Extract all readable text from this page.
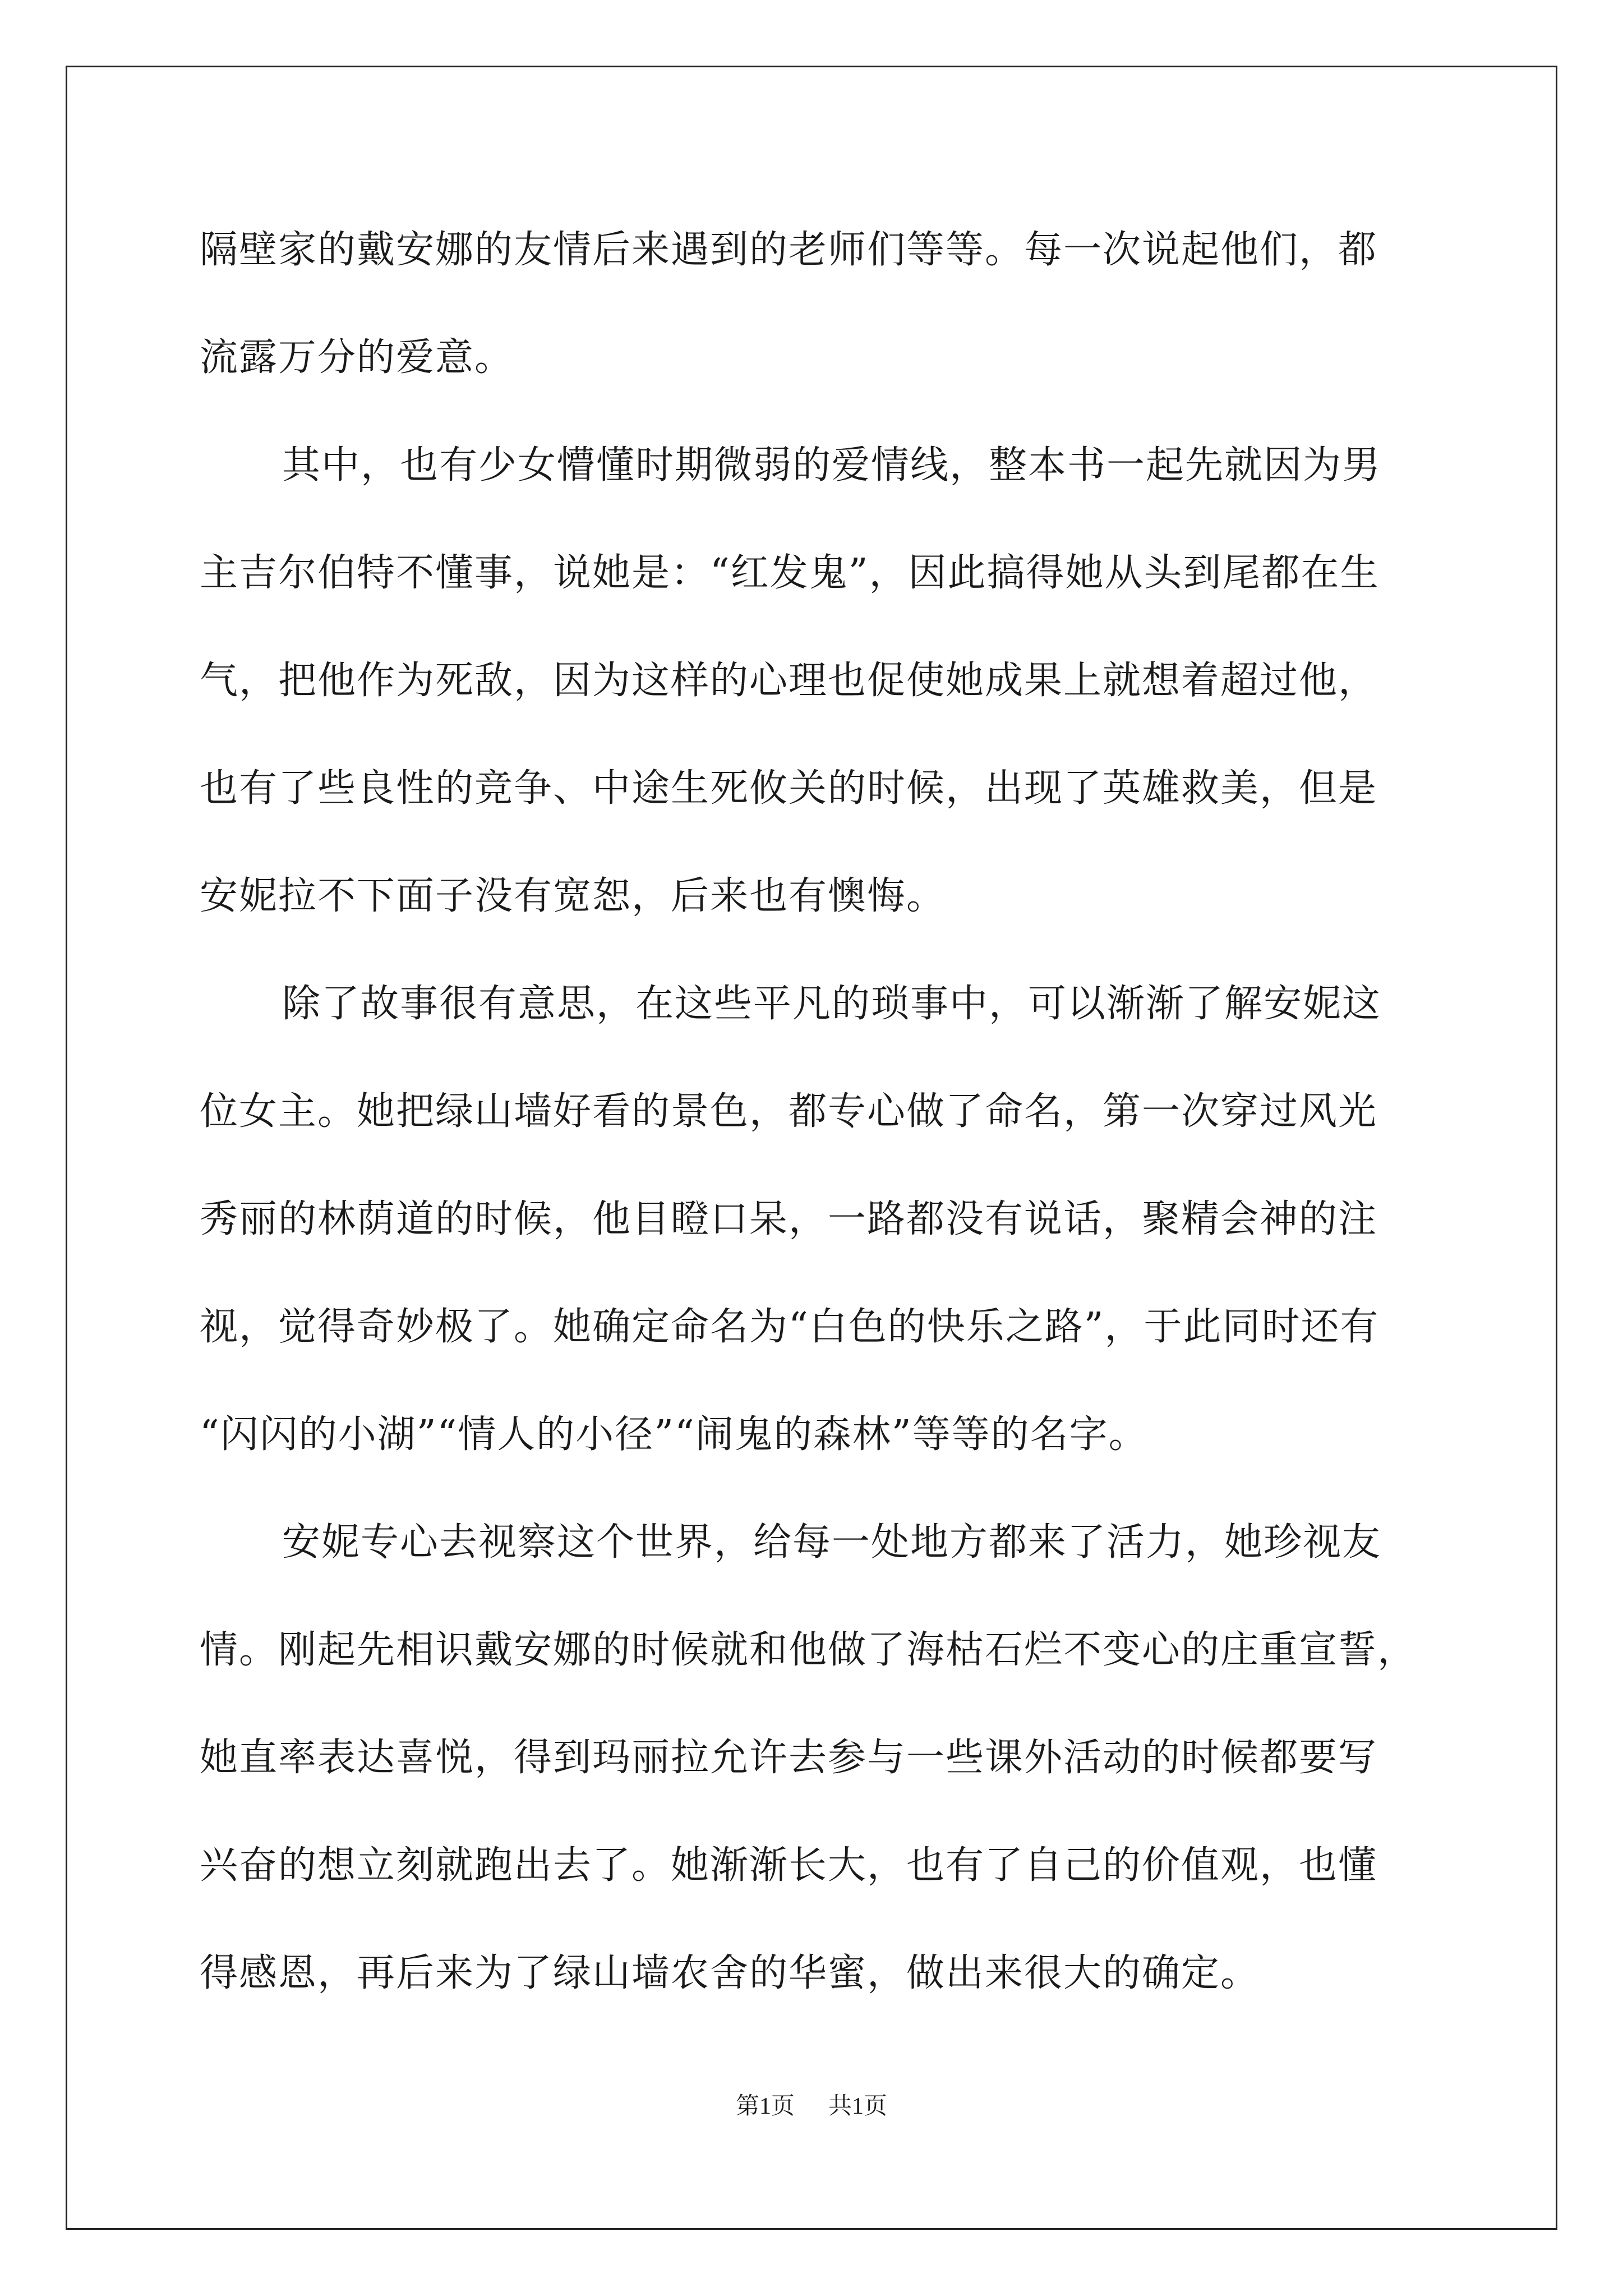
隔壁家的戴安娜的友情后来遇到的老师们等等。每一次说起他们，都
流露万分的爱意。
其中，也有少女懵懂时期微弱的爱情线，整本书一起先就因为男
主吉尔伯特不懂事，说她是：“红发鬼”，因此搞得她从头到尾都在生
气，把他作为死敌，因为这样的心理也促使她成果上就想着超过他，
也有了些良性的竞争、中途生死攸关的时候，出现了英雄救美，但是
安妮拉不下面子没有宽恕，后来也有懊悔。
除了故事很有意思，在这些平凡的琐事中，可以渐渐了解安妮这
位女主。她把绿山墙好看的景色，都专心做了命名，第一次穿过风光
秀丽的林荫道的时候，他目瞪口呆，一路都没有说话，聚精会神的注
视，觉得奇妙极了。她确定命名为“白色的快乐之路”，于此同时还有
“闪闪的小湖”“情人的小径”“闹鬼的森林”等等的名字。
安妮专心去视察这个世界，给每一处地方都来了活力，她珍视友
情。刚起先相识戴安娜的时候就和他做了海枯石烂不变心的庄重宣誓，
她直率表达喜悦，得到玛丽拉允许去参与一些课外活动的时候都要写
兴奋的想立刻就跑出去了。她渐渐长大，也有了自己的价值观，也懂
得感恩，再后来为了绿山墙农舍的华蜜，做出来很大的确定。
第1页 共1页
